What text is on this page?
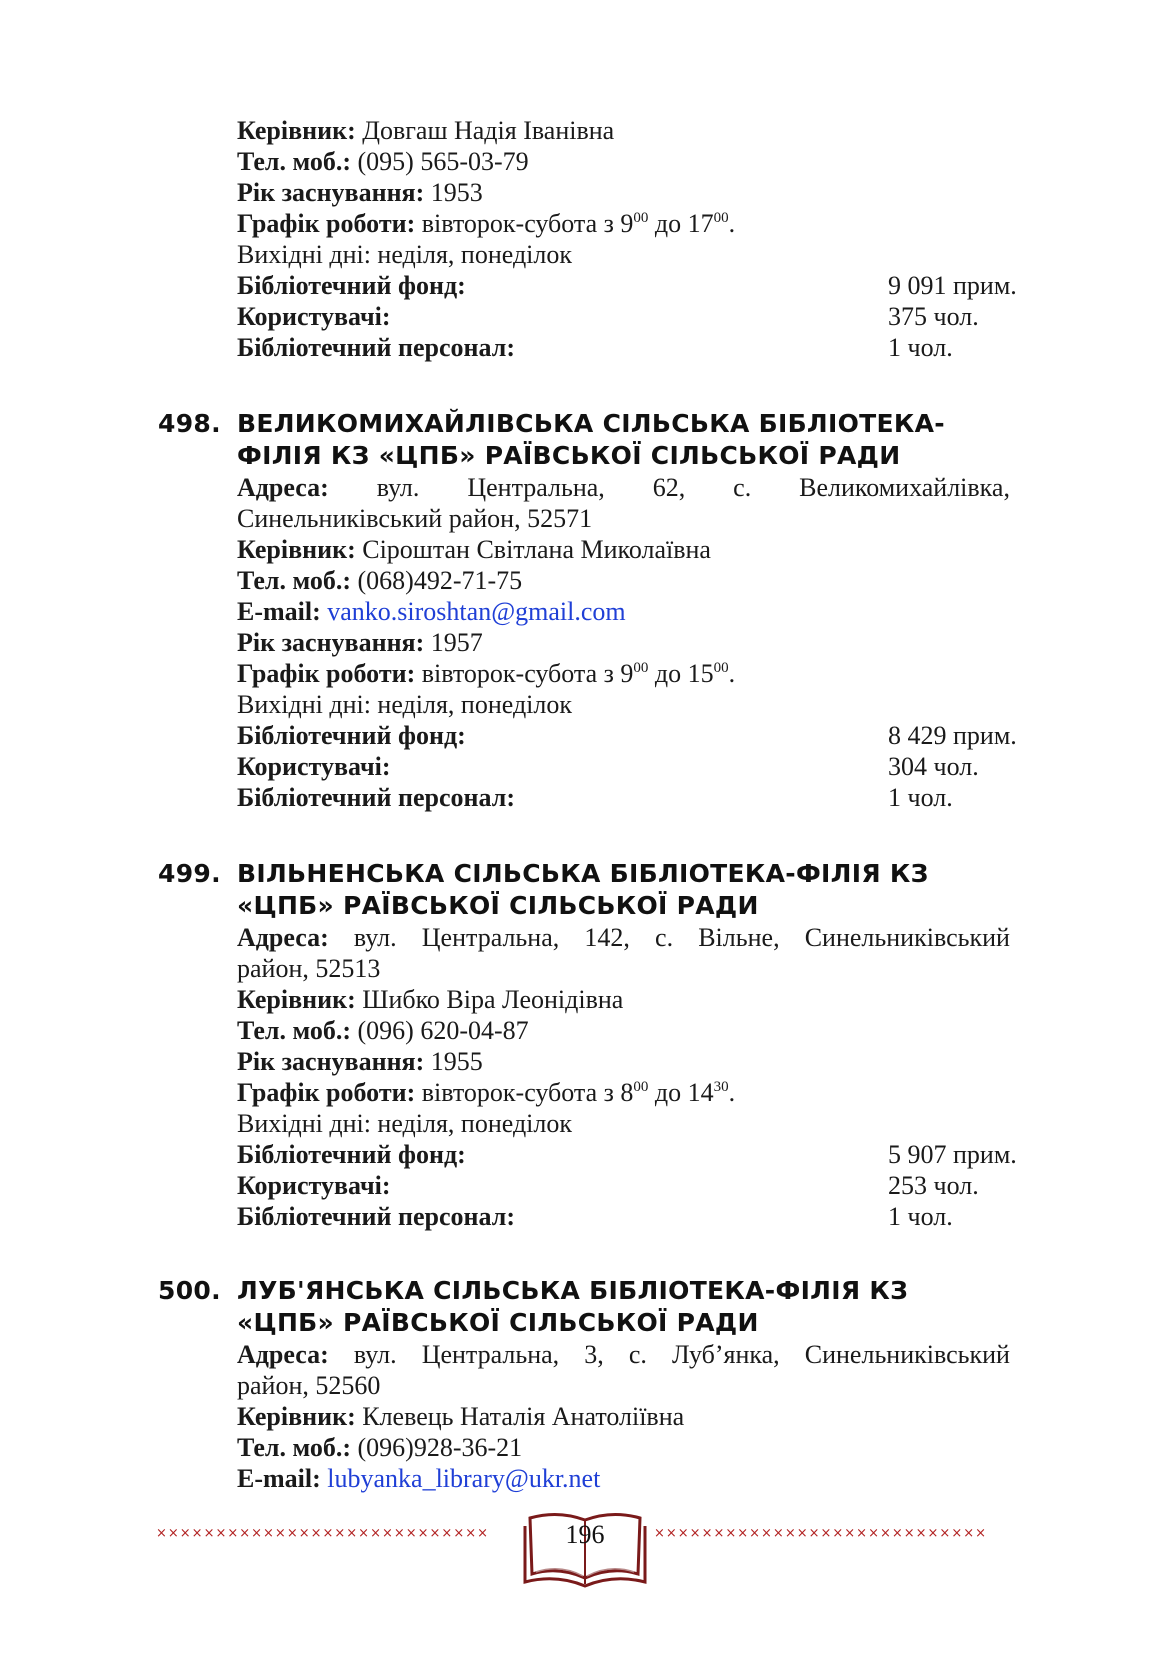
Керівник: Довгаш Надія Іванівна
Тел. моб.: (095) 565-03-79
Рік заснування: 1953
Графік роботи: вівторок-субота з $9^{00}$ до $17^{00}$.
Вихідні дні: неділя, понеділок
Бібліотечний фонд:	9 091 прим.
Користувачі:	375 чол.
Бібліотечний персонал:	1 чол.
498. ВЕЛИКОМИХАЙЛІВСЬКА СІЛЬСЬКА БІБЛІОТЕКА-
ФІЛІЯ КЗ «ЦПБ» РАЇВСЬКОЇ СІЛЬСЬКОЇ РАДИ
Адреса: вул. Центральна, 62, с. Великомихайлівка,
Синельниківський район, 52571
Керівник: Сіроштан Світлана Миколаївна
Тел. моб.: (068)492-71-75
E-mail: vanko.siroshtan@gmail.com
Рік заснування: 1957
Графік роботи: вівторок-субота з $9^{00}$ до $15^{00}$.
Вихідні дні: неділя, понеділок
Бібліотечний фонд:	8 429 прим.
Користувачі:	304 чол.
Бібліотечний персонал:	1 чол.
499. ВІЛЬНЕНСЬКА СІЛЬСЬКА БІБЛІОТЕКА-ФІЛІЯ КЗ
«ЦПБ» РАЇВСЬКОЇ СІЛЬСЬКОЇ РАДИ
Адреса: вул. Центральна, 142, с. Вільне, Синельниківський
район, 52513
Керівник: Шибко Віра Леонідівна
Тел. моб.: (096) 620-04-87
Рік заснування: 1955
Графік роботи: вівторок-субота з $8^{00}$ до $14^{30}$.
Вихідні дні: неділя, понеділок
Бібліотечний фонд:	5 907 прим.
Користувачі:	253 чол.
Бібліотечний персонал:	1 чол.
500. ЛУБ'ЯНСЬКА СІЛЬСЬКА БІБЛІОТЕКА-ФІЛІЯ КЗ
«ЦПБ» РАЇВСЬКОЇ СІЛЬСЬКОЇ РАДИ
Адреса: вул. Центральна, 3, с. Луб’янка, Синельниківський
район, 52560
Керівник: Клевець Наталія Анатоліївна
Тел. моб.: (096)928-36-21
E-mail: lubyanka_library@ukr.net
××××××××××××××××××××××××××××	196	××××××××××××××××××××××××××××
